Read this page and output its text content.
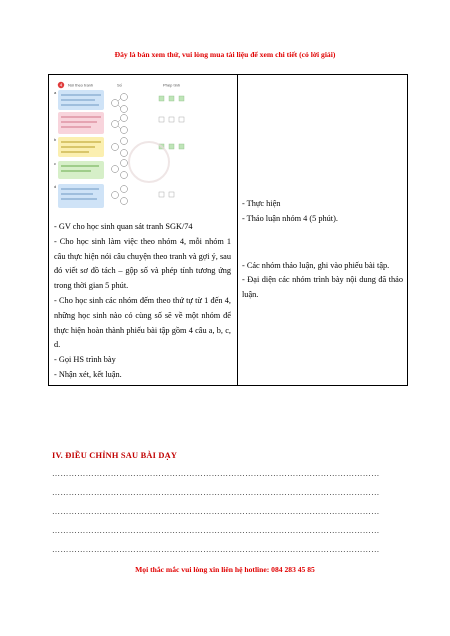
Đây là bản xem thử, vui lòng mua tài liệu để xem chi tiết (có lời giải)
4 Nói theo tranh	Số	Phép tính
a
b
c
d

- GV cho học sinh quan sát tranh SGK/74

- Cho học sinh làm việc theo nhóm 4, mỗi nhóm 1 câu thực hiện nói câu chuyện theo tranh và gợi ý, sau đó viết sơ đồ tách – gộp số và phép tính tương ứng trong thời gian 5 phút.

- Cho học sinh các nhóm đếm theo thứ tự từ 1 đến 4, những học sinh nào có cùng số sẽ về một nhóm để thực hiện hoàn thành phiếu bài tập gồm 4 câu a, b, c, d.

- Gọi HS trình bày

- Nhận xét, kết luận.

- Thực hiện

- Thảo luận nhóm 4 (5 phút).

- Các nhóm thảo luận, ghi vào phiếu bài tập.

- Đại diện các nhóm trình bày nội dung đã thảo luận.

IV. ĐIỀU CHỈNH SAU BÀI DẠY
………………………………………………………………………………………………………
………………………………………………………………………………………………………
………………………………………………………………………………………………………
………………………………………………………………………………………………………
………………………………………………………………………………………………………
Mọi thắc mắc vui lòng xin liên hệ hotline: 084 283 45 85
